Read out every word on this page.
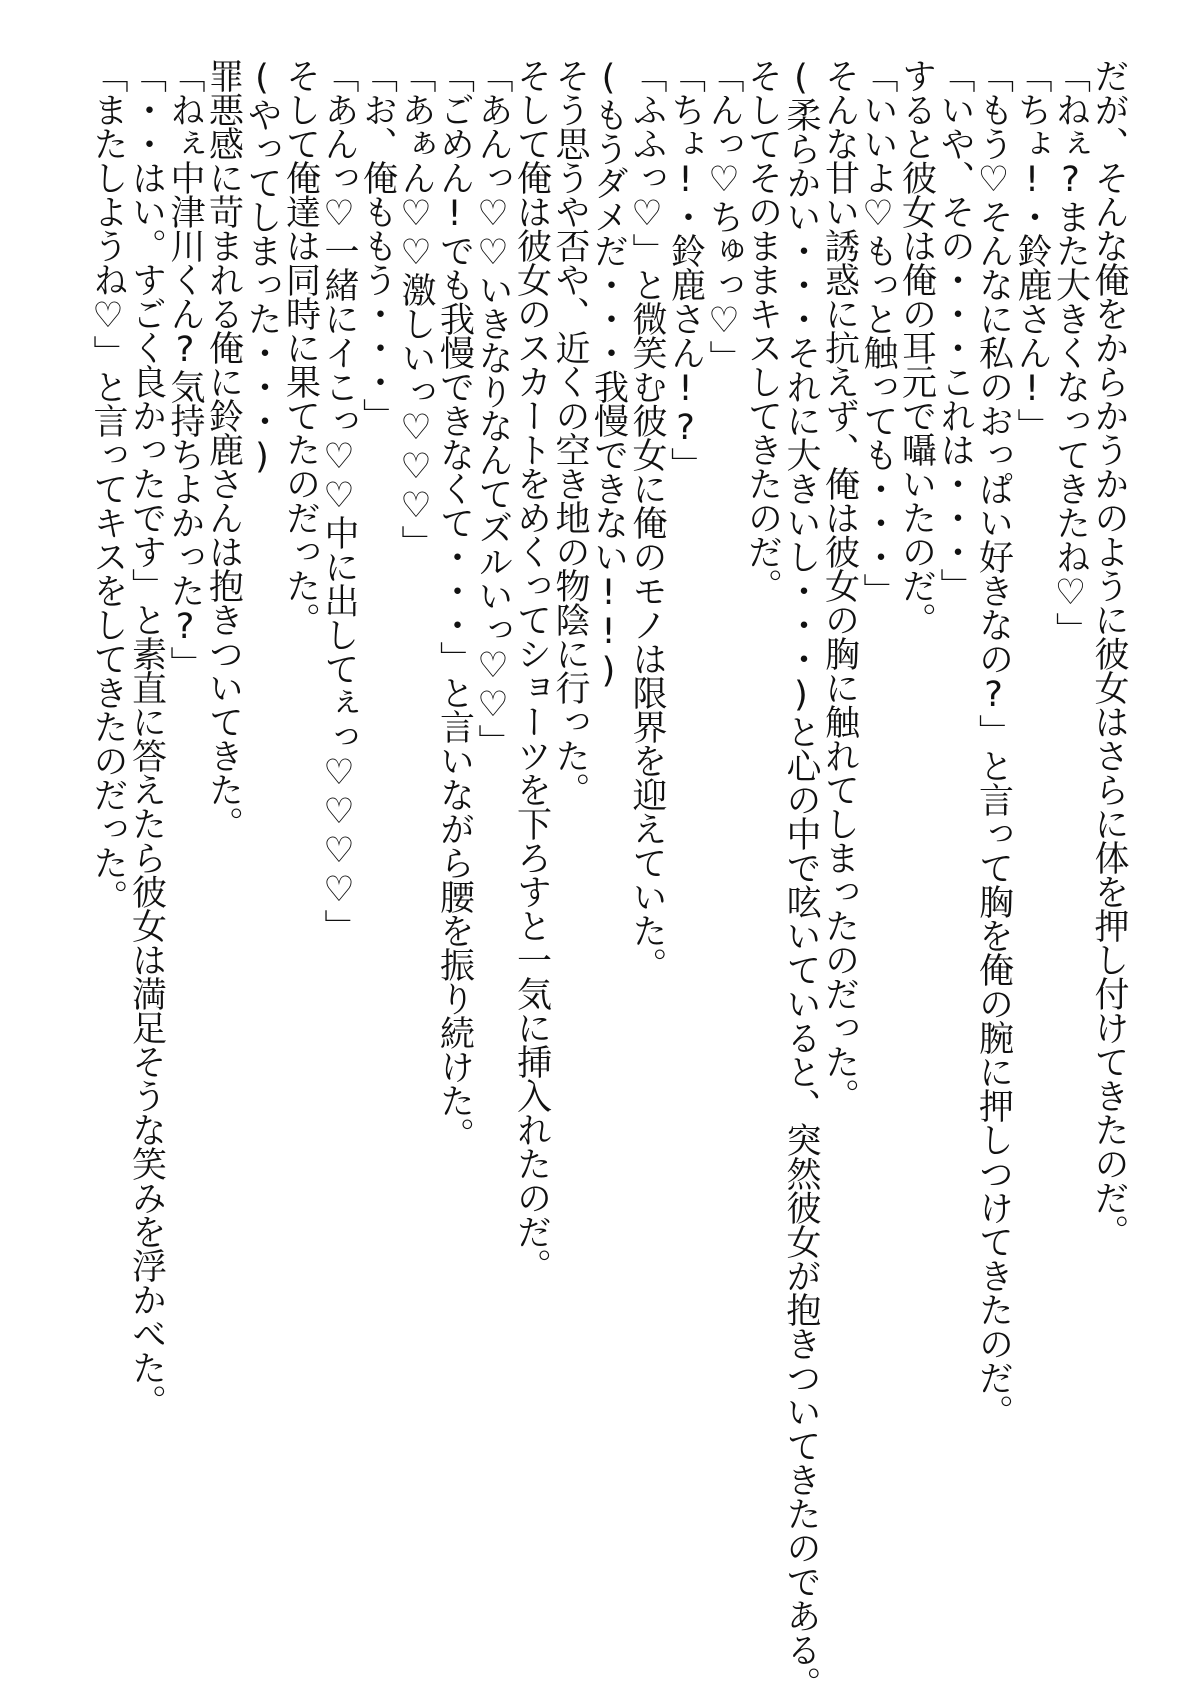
だが、そんな俺をからかうかのように彼女はさらに体を押し付けてきたのだ。
「ねぇ?また大きくなってきたね♡」
「ちょ!・鈴鹿さん!」
「もう♡そんなに私のおっぱい好きなの?」と言って胸を俺の腕に押しつけてきたのだ。
「いや、その・・・これは・・・」
すると彼女は俺の耳元で囁いたのだ。
「いいよ♡もっと触っても・・・」
そんな甘い誘惑に抗えず、俺は彼女の胸に触れてしまったのだった。
(柔らかい・・・それに大きいし・・・)と心の中で呟いていると、突然彼女が抱きついてきたのである。
そしてそのままキスしてきたのだ。
「んっ♡ちゅっ♡」
「ちょ!・鈴鹿さん!?」
「ふふっ♡」と微笑む彼女に俺のモノは限界を迎えていた。
(もうダメだ・・・我慢できない!!)
そう思うや否や、近くの空き地の物陰に行った。
そして俺は彼女のスカートをめくってショーツを下ろすと一気に挿入れたのだ。
「あんっ♡♡いきなりなんてズルいっ♡♡」
「ごめん!でも我慢できなくて・・・」と言いながら腰を振り続けた。
「あぁん♡♡激しいっ♡♡♡」
「お、俺ももう・・・」
「あんっ♡一緒にイこっ♡♡中に出してぇっ♡♡♡♡」
そして俺達は同時に果てたのだった。
(やってしまった・・・)
罪悪感に苛まれる俺に鈴鹿さんは抱きついてきた。
「ねぇ中津川くん?気持ちよかった?」
「・・はい。すごく良かったです」と素直に答えたら彼女は満足そうな笑みを浮かべた。
「またしようね♡」と言ってキスをしてきたのだった。
